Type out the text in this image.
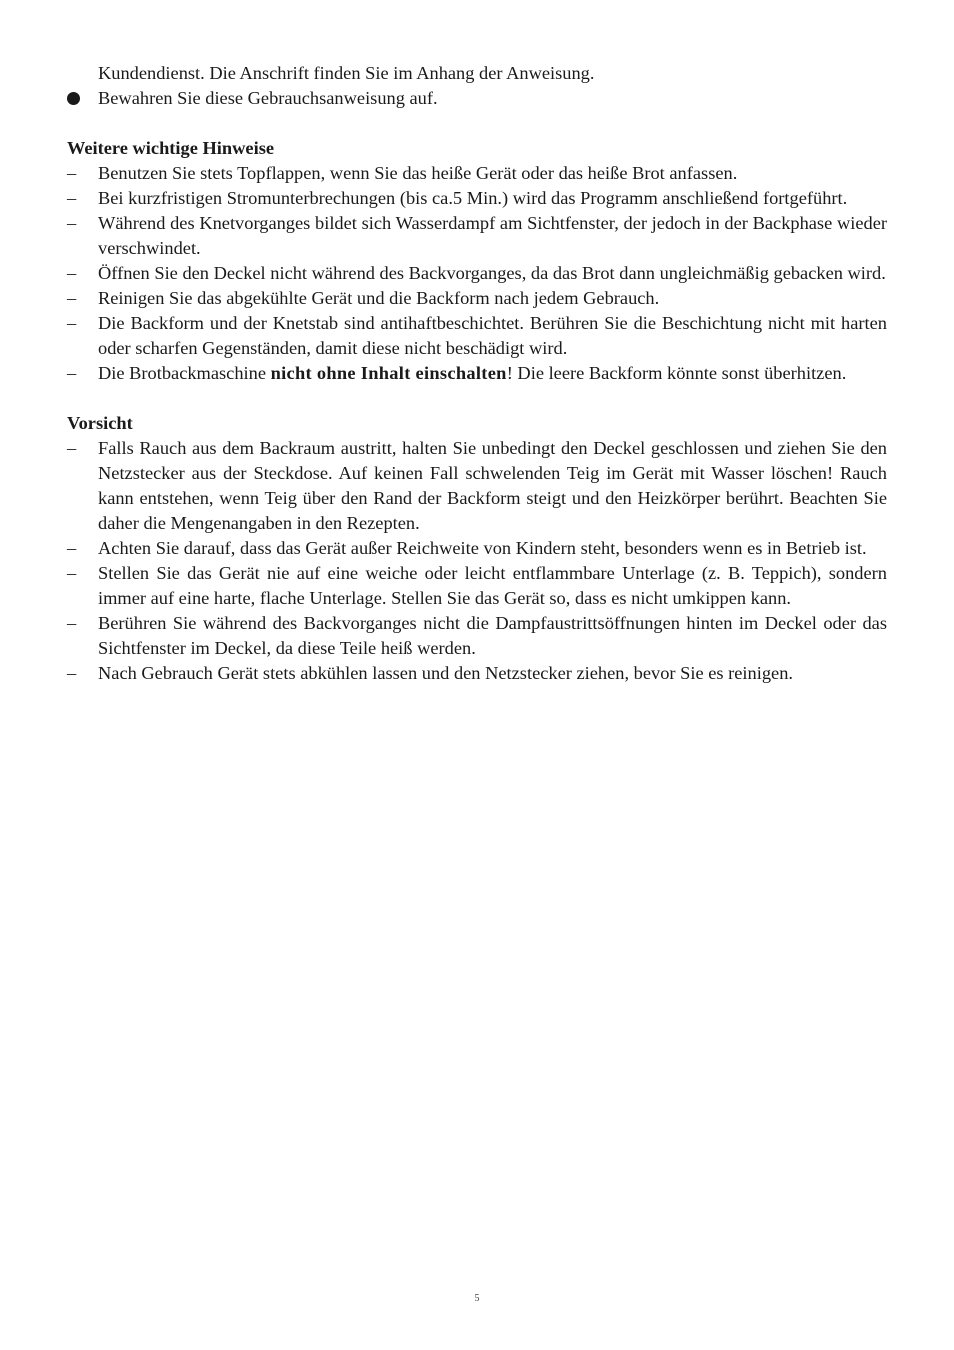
Kundendienst. Die Anschrift finden Sie im Anhang der Anweisung.

Bewahren Sie diese Gebrauchsanweisung auf.

Weitere wichtige Hinweise

–	Benutzen Sie stets Topflappen, wenn Sie das heiße Gerät oder das heiße Brot anfassen.

–	Bei kurzfristigen Stromunterbrechungen (bis ca.5 Min.) wird das Programm anschließend fortgeführt.

–	Während des Knetvorganges bildet sich Wasserdampf am Sichtfenster, der jedoch in der Backphase wieder verschwindet.

–	Öffnen Sie den Deckel nicht während des Backvorganges, da das Brot dann ungleichmäßig gebacken wird.

–	Reinigen Sie das abgekühlte Gerät und die Backform nach jedem Gebrauch.

–	Die Backform und der Knetstab sind antihaftbeschichtet. Berühren Sie die Beschichtung nicht mit harten oder scharfen Gegenständen, damit diese nicht beschädigt wird.

–	Die Brotbackmaschine nicht ohne Inhalt einschalten! Die leere Backform könnte sonst überhitzen.

Vorsicht

–	Falls Rauch aus dem Backraum austritt, halten Sie unbedingt den Deckel geschlossen und ziehen Sie den Netzstecker aus der Steckdose. Auf keinen Fall schwelenden Teig im Gerät mit Wasser löschen! Rauch kann entstehen, wenn Teig über den Rand der Backform steigt und den Heizkörper berührt. Beachten Sie daher die Mengenangaben in den Rezepten.

–	Achten Sie darauf, dass das Gerät außer Reichweite von Kindern steht, besonders wenn es in Betrieb ist.

–	Stellen Sie das Gerät nie auf eine weiche oder leicht entflammbare Unterlage (z. B. Teppich), sondern immer auf eine harte, flache Unterlage. Stellen Sie das Gerät so, dass es nicht umkippen kann.

–	Berühren Sie während des Backvorganges nicht die Dampfaustrittsöffnungen hinten im Deckel oder das Sichtfenster im Deckel, da diese Teile heiß werden.

–	Nach Gebrauch Gerät stets abkühlen lassen und den Netzstecker ziehen, bevor Sie es reinigen.

5
